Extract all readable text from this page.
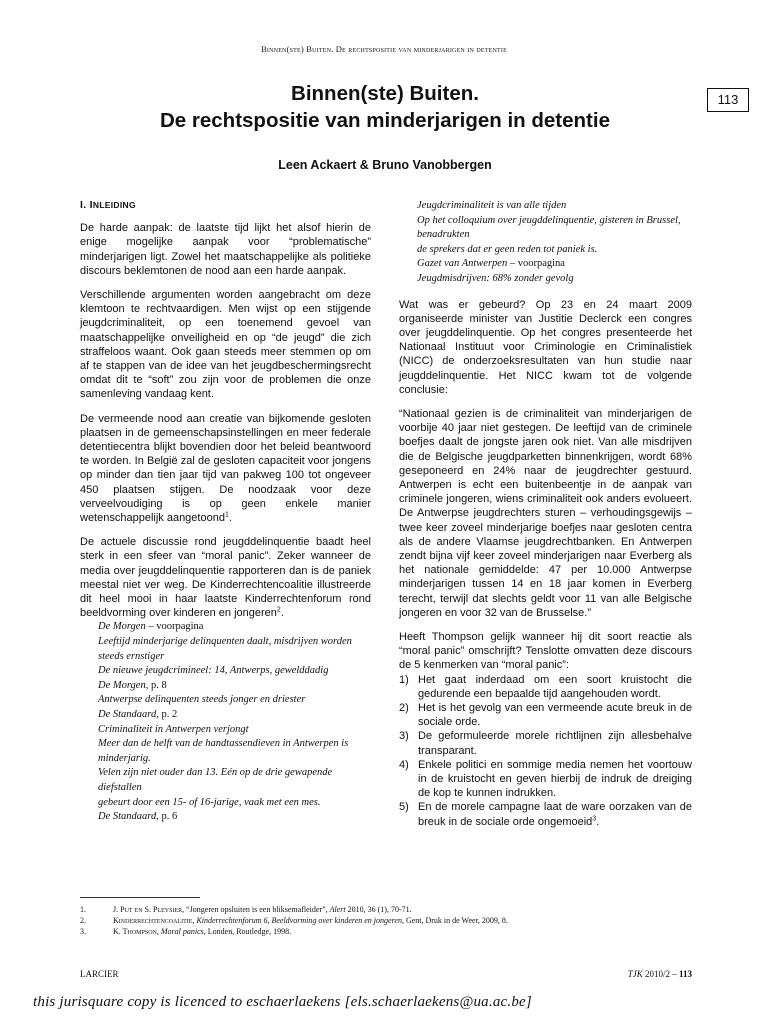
Binnen(ste) Buiten. De rechtspositie van minderjarigen in detentie
113
Binnen(ste) Buiten.
De rechtspositie van minderjarigen in detentie
Leen Ackaert & Bruno Vanobbergen
I. INLEIDING

De harde aanpak: de laatste tijd lijkt het alsof hierin de enige mogelijke aanpak voor “problematische” minderjarigen ligt. Zowel het maatschappelijke als politieke discours beklemtonen de nood aan een harde aanpak.

Verschillende argumenten worden aangebracht om deze klemtoon te rechtvaardigen. Men wijst op een stijgende jeugdcriminaliteit, op een toenemend gevoel van maatschappelijke onveiligheid en op “de jeugd” die zich straffeloos waant. Ook gaan steeds meer stemmen op om af te stappen van de idee van het jeugdbeschermingsrecht omdat dit te “soft” zou zijn voor de problemen die onze samenleving vandaag kent.

De vermeende nood aan creatie van bijkomende gesloten plaatsen in de gemeenschapsinstellingen en meer federale detentiecentra blijkt bovendien door het beleid beantwoord te worden. In België zal de gesloten capaciteit voor jongens op minder dan tien jaar tijd van pakweg 100 tot ongeveer 450 plaatsen stijgen. De noodzaak voor deze verveelvoudiging is op geen enkele manier wetenschappelijk aangetoond$^1$.

De actuele discussie rond jeugddelinquentie baadt heel sterk in een sfeer van “moral panic”. Zeker wanneer de media over jeugddelinquentie rapporteren dan is de paniek meestal niet ver weg. De Kinderrechtencoalitie illustreerde dit heel mooi in haar laatste Kinderrechtenforum rond beeldvorming over kinderen en jongeren$^2$.

De Morgen – voorpagina
Leeftijd minderjarige delinquenten daalt, misdrijven worden steeds ernstiger
De nieuwe jeugdcrimineel: 14, Antwerps, gewelddadig
De Morgen, p. 8
Antwerpse delinquenten steeds jonger en driester
De Standaard, p. 2
Criminaliteit in Antwerpen verjongt
Meer dan de helft van de handtassendieven in Antwerpen is minderjarig.
Velen zijn niet ouder dan 13. Eén op de drie gewapende diefstallen
gebeurt door een 15- of 16-jarige, vaak met een mes.
De Standaard, p. 6
Jeugdcriminaliteit is van alle tijden
Op het colloquium over jeugddelinquentie, gisteren in Brussel, benadrukten
de sprekers dat er geen reden tot paniek is.
Gazet van Antwerpen – voorpagina
Jeugdmisdrijven: 68% zonder gevolg

Wat was er gebeurd? Op 23 en 24 maart 2009 organiseerde minister van Justitie Declerck een congres over jeugddelinquentie. Op het congres presenteerde het Nationaal Instituut voor Criminologie en Criminalistiek (NICC) de onderzoeksresultaten van hun studie naar jeugddelinquentie. Het NICC kwam tot de volgende conclusie:

“Nationaal gezien is de criminaliteit van minderjarigen de voorbije 40 jaar niet gestegen. De leeftijd van de criminele boefjes daalt de jongste jaren ook niet. Van alle misdrijven die de Belgische jeugdparketten binnenkrijgen, wordt 68% geseponeerd en 24% naar de jeugdrechter gestuurd. Antwerpen is echt een buitenbeentje in de aanpak van criminele jongeren, wiens criminaliteit ook anders evolueert. De Antwerpse jeugdrechters sturen – verhoudingsgewijs – twee keer zoveel minderjarige boefjes naar gesloten centra als de andere Vlaamse jeugdrechtbanken. En Antwerpen zendt bijna vijf keer zoveel minderjarigen naar Everberg als het nationale gemiddelde: 47 per 10.000 Antwerpse minderjarigen tussen 14 en 18 jaar komen in Everberg terecht, terwijl dat slechts geldt voor 11 van alle Belgische jongeren en voor 32 van de Brusselse.”

Heeft Thompson gelijk wanneer hij dit soort reactie als “moral panic” omschrijft? Tenslotte omvatten deze discours de 5 kenmerken van “moral panic”:

1) Het gaat inderdaad om een soort kruistocht die gedurende een bepaalde tijd aangehouden wordt.
2) Het is het gevolg van een vermeende acute breuk in de sociale orde.
3) De geformuleerde morele richtlijnen zijn allesbehalve transparant.
4) Enkele politici en sommige media nemen het voortouw in de kruistocht en geven hierbij de indruk de dreiging de kop te kunnen indrukken.
5) En de morele campagne laat de ware oorzaken van de breuk in de sociale orde ongemoeid$^3$.
1.	J. Put en S. Pleysier, “Jongeren opsluiten is een bliksemafleider”, Alert 2010, 36 (1), 70-71.
2.	Kinderrechtencoalitie, Kinderrechtenforum 6, Beeldvorming over kinderen en jongeren, Gent, Druk in de Weer, 2009, 8.
3.	K. Thompson, Moral panics, Londen, Routledge, 1998.
LARCIER	TJK 2010/2 – 113
this jurisquare copy is licenced to eschaerlaekens [els.schaerlaekens@ua.ac.be]
